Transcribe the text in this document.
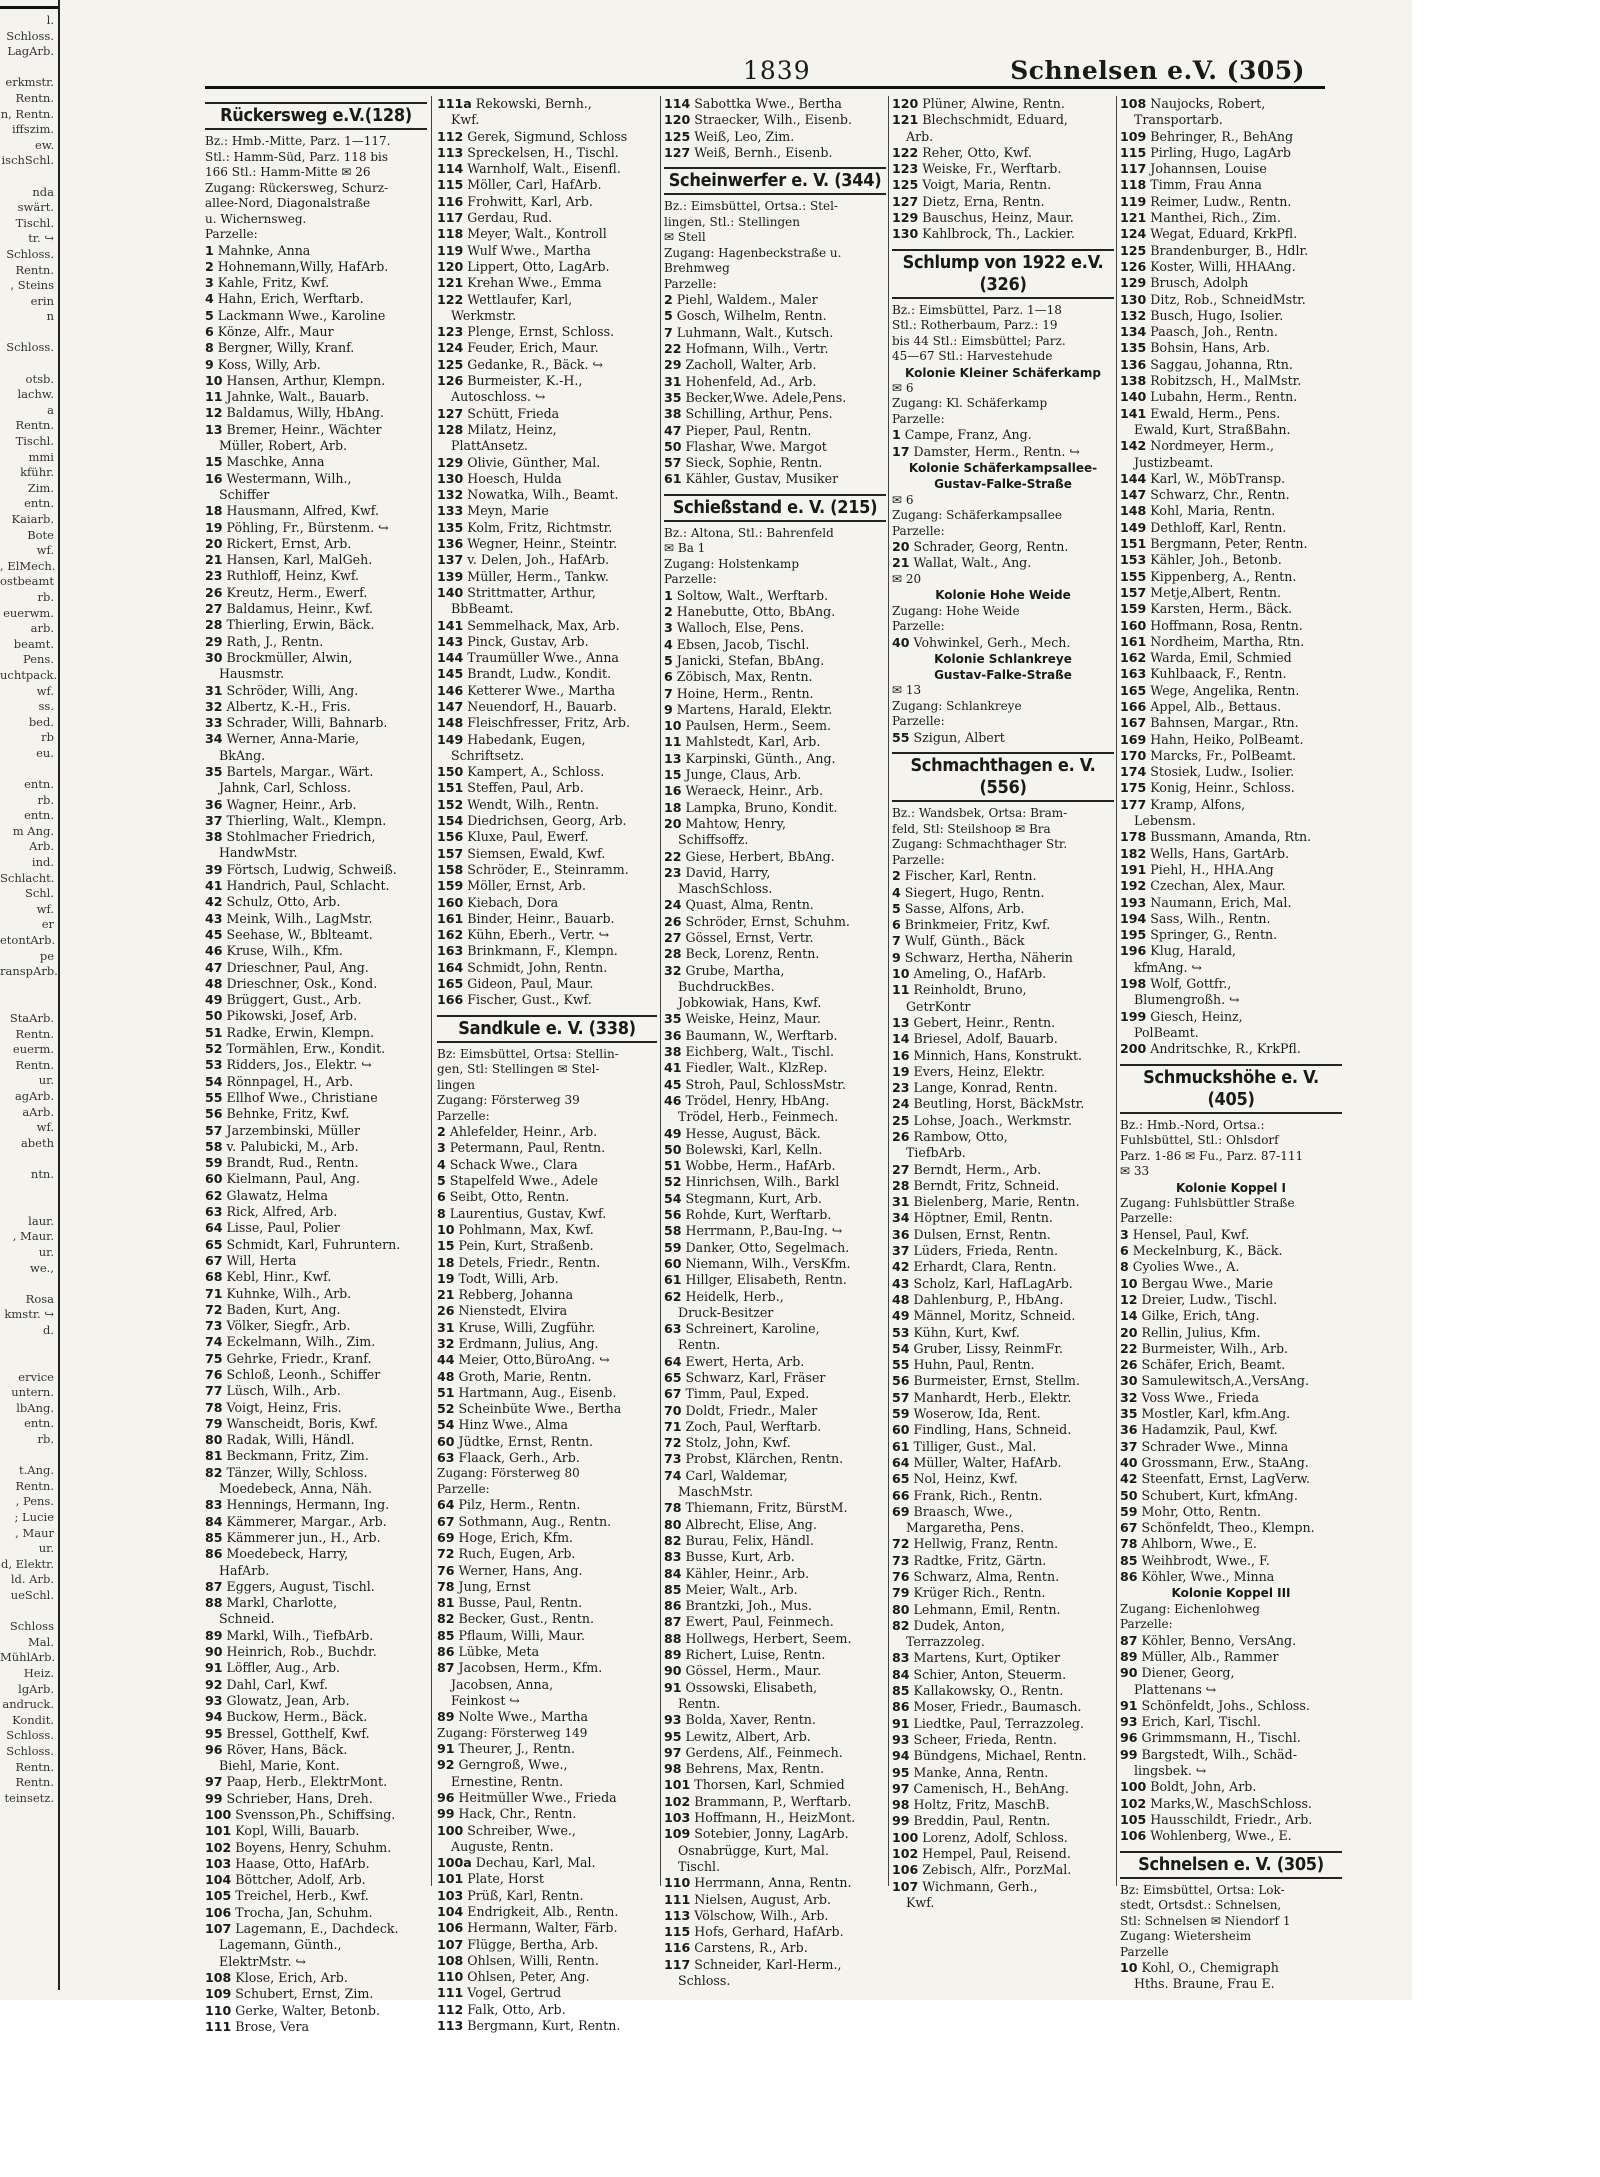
l.
Schloss.
LagArb.

erkmstr.
Rentn.
n, Rentn.
iffszim.
ew.
ischSchl.

nda
swärt.
Tischl.
tr. ↪
Schloss.
Rentn.
, Steins
erin
n

Schloss.

otsb.
lachw.
a
Rentn.
Tischl.
mmi
kführ.
Zim.
entn.
Kaiarb.
Bote
wf.
, ElMech.
ostbeamt
rb.
euerwm.
arb.
beamt.
Pens.
uchtpack.
wf.
ss.
bed.
rb
eu.

entn.
rb.
entn.
m Ang.
Arb.
ind.
Schlacht.
Schl.
wf.
er
etontArb.
pe
ranspArb.

StaArb.
Rentn.
euerm.
Rentn.
ur.
agArb.
aArb.
wf.
abeth

ntn.

laur.
, Maur.
ur.
we.,

Rosa
kmstr. ↪
d.

ervice
untern.
lbAng.
entn.
rb.

t.Ang.
Rentn.
, Pens.
; Lucie
, Maur
ur.
d, Elektr.
ld. Arb.
ueSchl.

Schloss
Mal.
MühlArb.
Heiz.
lgArb.
andruck.
Kondit.
Schloss.
Schloss.
Rentn.
Rentn.
teinsetz.
1839	Schnelsen e.V. (305)
Rückersweg e.V.(128)
Bz.: Hmb.-Mitte, Parz. 1—117.
Stl.: Hamm-Süd, Parz. 118 bis
166 Stl.: Hamm-Mitte ✉ 26
Zugang: Rückersweg, Schurz-
allee-Nord, Diagonalstraße
u. Wichernsweg.
Parzelle:
1 Mahnke, Anna
2 Hohnemann,Willy, HafArb.
3 Kahle, Fritz, Kwf.
4 Hahn, Erich, Werftarb.
5 Lackmann Wwe., Karoline
6 Könze, Alfr., Maur
8 Bergner, Willy, Kranf.
9 Koss, Willy, Arb.
10 Hansen, Arthur, Klempn.
11 Jahnke, Walt., Bauarb.
12 Baldamus, Willy, HbAng.
13 Bremer, Heinr., Wächter
Müller, Robert, Arb.
15 Maschke, Anna
16 Westermann, Wilh.,
Schiffer
18 Hausmann, Alfred, Kwf.
19 Pöhling, Fr., Bürstenm. ↪
20 Rickert, Ernst, Arb.
21 Hansen, Karl, MalGeh.
23 Ruthloff, Heinz, Kwf.
26 Kreutz, Herm., Ewerf.
27 Baldamus, Heinr., Kwf.
28 Thierling, Erwin, Bäck.
29 Rath, J., Rentn.
30 Brockmüller, Alwin,
Hausmstr.
31 Schröder, Willi, Ang.
32 Albertz, K.-H., Fris.
33 Schrader, Willi, Bahnarb.
34 Werner, Anna-Marie,
BkAng.
35 Bartels, Margar., Wärt.
Jahnk, Carl, Schloss.
36 Wagner, Heinr., Arb.
37 Thierling, Walt., Klempn.
38 Stohlmacher Friedrich,
HandwMstr.
39 Förtsch, Ludwig, Schweiß.
41 Handrich, Paul, Schlacht.
42 Schulz, Otto, Arb.
43 Meink, Wilh., LagMstr.
45 Seehase, W., Bblteamt.
46 Kruse, Wilh., Kfm.
47 Drieschner, Paul, Ang.
48 Drieschner, Osk., Kond.
49 Brüggert, Gust., Arb.
50 Pikowski, Josef, Arb.
51 Radke, Erwin, Klempn.
52 Tormählen, Erw., Kondit.
53 Ridders, Jos., Elektr. ↪
54 Rönnpagel, H., Arb.
55 Ellhof Wwe., Christiane
56 Behnke, Fritz, Kwf.
57 Jarzembinski, Müller
58 v. Palubicki, M., Arb.
59 Brandt, Rud., Rentn.
60 Kielmann, Paul, Ang.
62 Glawatz, Helma
63 Rick, Alfred, Arb.
64 Lisse, Paul, Polier
65 Schmidt, Karl, Fuhruntern.
67 Will, Herta
68 Kebl, Hinr., Kwf.
71 Kuhnke, Wilh., Arb.
72 Baden, Kurt, Ang.
73 Völker, Siegfr., Arb.
74 Eckelmann, Wilh., Zim.
75 Gehrke, Friedr., Kranf.
76 Schloß, Leonh., Schiffer
77 Lüsch, Wilh., Arb.
78 Voigt, Heinz, Fris.
79 Wanscheidt, Boris, Kwf.
80 Radak, Willi, Händl.
81 Beckmann, Fritz, Zim.
82 Tänzer, Willy, Schloss.
Moedebeck, Anna, Näh.
83 Hennings, Hermann, Ing.
84 Kämmerer, Margar., Arb.
85 Kämmerer jun., H., Arb.
86 Moedebeck, Harry,
HafArb.
87 Eggers, August, Tischl.
88 Markl, Charlotte,
Schneid.
89 Markl, Wilh., TiefbArb.
90 Heinrich, Rob., Buchdr.
91 Löffler, Aug., Arb.
92 Dahl, Carl, Kwf.
93 Glowatz, Jean, Arb.
94 Buckow, Herm., Bäck.
95 Bressel, Gotthelf, Kwf.
96 Röver, Hans, Bäck.
Biehl, Marie, Kont.
97 Paap, Herb., ElektrMont.
99 Schrieber, Hans, Dreh.
100 Svensson,Ph., Schiffsing.
101 Kopl, Willi, Bauarb.
102 Boyens, Henry, Schuhm.
103 Haase, Otto, HafArb.
104 Böttcher, Adolf, Arb.
105 Treichel, Herb., Kwf.
106 Trocha, Jan, Schuhm.
107 Lagemann, E., Dachdeck.
Lagemann, Günth.,
ElektrMstr. ↪
108 Klose, Erich, Arb.
109 Schubert, Ernst, Zim.
110 Gerke, Walter, Betonb.
111 Brose, Vera
111a Rekowski, Bernh.,
Kwf.
112 Gerek, Sigmund, Schloss
113 Spreckelsen, H., Tischl.
114 Warnholf, Walt., Eisenfl.
115 Möller, Carl, HafArb.
116 Frohwitt, Karl, Arb.
117 Gerdau, Rud.
118 Meyer, Walt., Kontroll
119 Wulf Wwe., Martha
120 Lippert, Otto, LagArb.
121 Krehan Wwe., Emma
122 Wettlaufer, Karl,
Werkmstr.
123 Plenge, Ernst, Schloss.
124 Feuder, Erich, Maur.
125 Gedanke, R., Bäck. ↪
126 Burmeister, K.-H.,
Autoschloss. ↪
127 Schütt, Frieda
128 Milatz, Heinz,
PlattAnsetz.
129 Olivie, Günther, Mal.
130 Hoesch, Hulda
132 Nowatka, Wilh., Beamt.
133 Meyn, Marie
135 Kolm, Fritz, Richtmstr.
136 Wegner, Heinr., Steintr.
137 v. Delen, Joh., HafArb.
139 Müller, Herm., Tankw.
140 Strittmatter, Arthur,
BbBeamt.
141 Semmelhack, Max, Arb.
143 Pinck, Gustav, Arb.
144 Traumüller Wwe., Anna
145 Brandt, Ludw., Kondit.
146 Ketterer Wwe., Martha
147 Neuendorf, H., Bauarb.
148 Fleischfresser, Fritz, Arb.
149 Habedank, Eugen,
Schriftsetz.
150 Kampert, A., Schloss.
151 Steffen, Paul, Arb.
152 Wendt, Wilh., Rentn.
154 Diedrichsen, Georg, Arb.
156 Kluxe, Paul, Ewerf.
157 Siemsen, Ewald, Kwf.
158 Schröder, E., Steinramm.
159 Möller, Ernst, Arb.
160 Kiebach, Dora
161 Binder, Heinr., Bauarb.
162 Kühn, Eberh., Vertr. ↪
163 Brinkmann, F., Klempn.
164 Schmidt, John, Rentn.
165 Gideon, Paul, Maur.
166 Fischer, Gust., Kwf.
Sandkule e. V. (338)
Bz: Eimsbüttel, Ortsa: Stellin-
gen, Stl: Stellingen ✉ Stel-
lingen
Zugang: Försterweg 39
Parzelle:
2 Ahlefelder, Heinr., Arb.
3 Petermann, Paul, Rentn.
4 Schack Wwe., Clara
5 Stapelfeld Wwe., Adele
6 Seibt, Otto, Rentn.
8 Laurentius, Gustav, Kwf.
10 Pohlmann, Max, Kwf.
15 Pein, Kurt, Straßenb.
18 Detels, Friedr., Rentn.
19 Todt, Willi, Arb.
21 Rebberg, Johanna
26 Nienstedt, Elvira
31 Kruse, Willi, Zugführ.
32 Erdmann, Julius, Ang.
44 Meier, Otto,BüroAng. ↪
48 Groth, Marie, Rentn.
51 Hartmann, Aug., Eisenb.
52 Scheinbüte Wwe., Bertha
54 Hinz Wwe., Alma
60 Jüdtke, Ernst, Rentn.
63 Flaack, Gerh., Arb.
Zugang: Försterweg 80
Parzelle:
64 Pilz, Herm., Rentn.
67 Sothmann, Aug., Rentn.
69 Hoge, Erich, Kfm.
72 Ruch, Eugen, Arb.
76 Werner, Hans, Ang.
78 Jung, Ernst
81 Busse, Paul, Rentn.
82 Becker, Gust., Rentn.
85 Pflaum, Willi, Maur.
86 Lübke, Meta
87 Jacobsen, Herm., Kfm.
Jacobsen, Anna,
Feinkost ↪
89 Nolte Wwe., Martha
Zugang: Försterweg 149
91 Theurer, J., Rentn.
92 Gerngroß, Wwe.,
Ernestine, Rentn.
96 Heitmüller Wwe., Frieda
99 Hack, Chr., Rentn.
100 Schreiber, Wwe.,
Auguste, Rentn.
100a Dechau, Karl, Mal.
101 Plate, Horst
103 Prüß, Karl, Rentn.
104 Endrigkeit, Alb., Rentn.
106 Hermann, Walter, Färb.
107 Flügge, Bertha, Arb.
108 Ohlsen, Willi, Rentn.
110 Ohlsen, Peter, Ang.
111 Vogel, Gertrud
112 Falk, Otto, Arb.
113 Bergmann, Kurt, Rentn.
114 Sabottka Wwe., Bertha
120 Straecker, Wilh., Eisenb.
125 Weiß, Leo, Zim.
127 Weiß, Bernh., Eisenb.
Scheinwerfer e. V. (344)
Bz.: Eimsbüttel, Ortsa.: Stel-
lingen, Stl.: Stellingen
✉ Stell
Zugang: Hagenbeckstraße u.
Brehmweg
Parzelle:
2 Piehl, Waldem., Maler
5 Gosch, Wilhelm, Rentn.
7 Luhmann, Walt., Kutsch.
22 Hofmann, Wilh., Vertr.
29 Zacholl, Walter, Arb.
31 Hohenfeld, Ad., Arb.
35 Becker,Wwe. Adele,Pens.
38 Schilling, Arthur, Pens.
47 Pieper, Paul, Rentn.
50 Flashar, Wwe. Margot
57 Sieck, Sophie, Rentn.
61 Kähler, Gustav, Musiker
Schießstand e. V. (215)
Bz.: Altona, Stl.: Bahrenfeld
✉ Ba 1
Zugang: Holstenkamp
Parzelle:
1 Soltow, Walt., Werftarb.
2 Hanebutte, Otto, BbAng.
3 Walloch, Else, Pens.
4 Ebsen, Jacob, Tischl.
5 Janicki, Stefan, BbAng.
6 Zöbisch, Max, Rentn.
7 Hoine, Herm., Rentn.
9 Martens, Harald, Elektr.
10 Paulsen, Herm., Seem.
11 Mahlstedt, Karl, Arb.
13 Karpinski, Günth., Ang.
15 Junge, Claus, Arb.
16 Weraeck, Heinr., Arb.
18 Lampka, Bruno, Kondit.
20 Mahtow, Henry,
Schiffsoffz.
22 Giese, Herbert, BbAng.
23 David, Harry,
MaschSchloss.
24 Quast, Alma, Rentn.
26 Schröder, Ernst, Schuhm.
27 Gössel, Ernst, Vertr.
28 Beck, Lorenz, Rentn.
32 Grube, Martha,
BuchdruckBes.
Jobkowiak, Hans, Kwf.
35 Weiske, Heinz, Maur.
36 Baumann, W., Werftarb.
38 Eichberg, Walt., Tischl.
41 Fiedler, Walt., KlzRep.
45 Stroh, Paul, SchlossMstr.
46 Trödel, Henry, HbAng.
Trödel, Herb., Feinmech.
49 Hesse, August, Bäck.
50 Bolewski, Karl, Kelln.
51 Wobbe, Herm., HafArb.
52 Hinrichsen, Wilh., Barkl
54 Stegmann, Kurt, Arb.
56 Rohde, Kurt, Werftarb.
58 Herrmann, P.,Bau-Ing. ↪
59 Danker, Otto, Segelmach.
60 Niemann, Wilh., VersKfm.
61 Hillger, Elisabeth, Rentn.
62 Heidelk, Herb.,
Druck-Besitzer
63 Schreinert, Karoline,
Rentn.
64 Ewert, Herta, Arb.
65 Schwarz, Karl, Fräser
67 Timm, Paul, Exped.
70 Doldt, Friedr., Maler
71 Zoch, Paul, Werftarb.
72 Stolz, John, Kwf.
73 Probst, Klärchen, Rentn.
74 Carl, Waldemar,
MaschMstr.
78 Thiemann, Fritz, BürstM.
80 Albrecht, Elise, Ang.
82 Burau, Felix, Händl.
83 Busse, Kurt, Arb.
84 Kähler, Heinr., Arb.
85 Meier, Walt., Arb.
86 Brantzki, Joh., Mus.
87 Ewert, Paul, Feinmech.
88 Hollwegs, Herbert, Seem.
89 Richert, Luise, Rentn.
90 Gössel, Herm., Maur.
91 Ossowski, Elisabeth,
Rentn.
93 Bolda, Xaver, Rentn.
95 Lewitz, Albert, Arb.
97 Gerdens, Alf., Feinmech.
98 Behrens, Max, Rentn.
101 Thorsen, Karl, Schmied
102 Brammann, P., Werftarb.
103 Hoffmann, H., HeizMont.
109 Sotebier, Jonny, LagArb.
Osnabrügge, Kurt, Mal.
Tischl.
110 Herrmann, Anna, Rentn.
111 Nielsen, August, Arb.
113 Völschow, Wilh., Arb.
115 Hofs, Gerhard, HafArb.
116 Carstens, R., Arb.
117 Schneider, Karl-Herm.,
Schloss.
120 Plüner, Alwine, Rentn.
121 Blechschmidt, Eduard,
Arb.
122 Reher, Otto, Kwf.
123 Weiske, Fr., Werftarb.
125 Voigt, Maria, Rentn.
127 Dietz, Erna, Rentn.
129 Bauschus, Heinz, Maur.
130 Kahlbrock, Th., Lackier.
Schlump von 1922 e.V. (326)
Bz.: Eimsbüttel, Parz. 1—18
Stl.: Rotherbaum, Parz.: 19
bis 44 Stl.: Eimsbüttel; Parz.
45—67 Stl.: Harvestehude
Kolonie Kleiner Schäferkamp
✉ 6
Zugang: Kl. Schäferkamp
Parzelle:
1 Campe, Franz, Ang.
17 Damster, Herm., Rentn. ↪
Kolonie Schäferkampsallee-
Gustav-Falke-Straße
✉ 6
Zugang: Schäferkampsallee
Parzelle:
20 Schrader, Georg, Rentn.
21 Wallat, Walt., Ang.
✉ 20
Kolonie Hohe Weide
Zugang: Hohe Weide
Parzelle:
40 Vohwinkel, Gerh., Mech.
Kolonie Schlankreye
Gustav-Falke-Straße
✉ 13
Zugang: Schlankreye
Parzelle:
55 Szigun, Albert
Schmachthagen e. V. (556)
Bz.: Wandsbek, Ortsa: Bram-
feld, Stl: Steilshoop ✉ Bra
Zugang: Schmachthager Str.
Parzelle:
2 Fischer, Karl, Rentn.
4 Siegert, Hugo, Rentn.
5 Sasse, Alfons, Arb.
6 Brinkmeier, Fritz, Kwf.
7 Wulf, Günth., Bäck
9 Schwarz, Hertha, Näherin
10 Ameling, O., HafArb.
11 Reinholdt, Bruno,
GetrKontr
13 Gebert, Heinr., Rentn.
14 Briesel, Adolf, Bauarb.
16 Minnich, Hans, Konstrukt.
19 Evers, Heinz, Elektr.
23 Lange, Konrad, Rentn.
24 Beutling, Horst, BäckMstr.
25 Lohse, Joach., Werkmstr.
26 Rambow, Otto,
TiefbArb.
27 Berndt, Herm., Arb.
28 Berndt, Fritz, Schneid.
31 Bielenberg, Marie, Rentn.
34 Höptner, Emil, Rentn.
36 Dulsen, Ernst, Rentn.
37 Lüders, Frieda, Rentn.
42 Erhardt, Clara, Rentn.
43 Scholz, Karl, HafLagArb.
48 Dahlenburg, P., HbAng.
49 Männel, Moritz, Schneid.
53 Kühn, Kurt, Kwf.
54 Gruber, Lissy, ReinmFr.
55 Huhn, Paul, Rentn.
56 Burmeister, Ernst, Stellm.
57 Manhardt, Herb., Elektr.
59 Woserow, Ida, Rent.
60 Findling, Hans, Schneid.
61 Tilliger, Gust., Mal.
64 Müller, Walter, HafArb.
65 Nol, Heinz, Kwf.
66 Frank, Rich., Rentn.
69 Braasch, Wwe.,
Margaretha, Pens.
72 Hellwig, Franz, Rentn.
73 Radtke, Fritz, Gärtn.
76 Schwarz, Alma, Rentn.
79 Krüger Rich., Rentn.
80 Lehmann, Emil, Rentn.
82 Dudek, Anton,
Terrazzoleg.
83 Martens, Kurt, Optiker
84 Schier, Anton, Steuerm.
85 Kallakowsky, O., Rentn.
86 Moser, Friedr., Baumasch.
91 Liedtke, Paul, Terrazzoleg.
93 Scheer, Frieda, Rentn.
94 Bündgens, Michael, Rentn.
95 Manke, Anna, Rentn.
97 Camenisch, H., BehAng.
98 Holtz, Fritz, MaschB.
99 Breddin, Paul, Rentn.
100 Lorenz, Adolf, Schloss.
102 Hempel, Paul, Reisend.
106 Zebisch, Alfr., PorzMal.
107 Wichmann, Gerh.,
Kwf.
108 Naujocks, Robert,
Transportarb.
109 Behringer, R., BehAng
115 Pirling, Hugo, LagArb
117 Johannsen, Louise
118 Timm, Frau Anna
119 Reimer, Ludw., Rentn.
121 Manthei, Rich., Zim.
124 Wegat, Eduard, KrkPfl.
125 Brandenburger, B., Hdlr.
126 Koster, Willi, HHAAng.
129 Brusch, Adolph
130 Ditz, Rob., SchneidMstr.
132 Busch, Hugo, Isolier.
134 Paasch, Joh., Rentn.
135 Bohsin, Hans, Arb.
136 Saggau, Johanna, Rtn.
138 Robitzsch, H., MalMstr.
140 Lubahn, Herm., Rentn.
141 Ewald, Herm., Pens.
Ewald, Kurt, StraßBahn.
142 Nordmeyer, Herm.,
Justizbeamt.
144 Karl, W., MöbTransp.
147 Schwarz, Chr., Rentn.
148 Kohl, Maria, Rentn.
149 Dethloff, Karl, Rentn.
151 Bergmann, Peter, Rentn.
153 Kähler, Joh., Betonb.
155 Kippenberg, A., Rentn.
157 Metje,Albert, Rentn.
159 Karsten, Herm., Bäck.
160 Hoffmann, Rosa, Rentn.
161 Nordheim, Martha, Rtn.
162 Warda, Emil, Schmied
163 Kuhlbaack, F., Rentn.
165 Wege, Angelika, Rentn.
166 Appel, Alb., Bettaus.
167 Bahnsen, Margar., Rtn.
169 Hahn, Heiko, PolBeamt.
170 Marcks, Fr., PolBeamt.
174 Stosiek, Ludw., Isolier.
175 Konig, Heinr., Schloss.
177 Kramp, Alfons,
Lebensm.
178 Bussmann, Amanda, Rtn.
182 Wells, Hans, GartArb.
191 Piehl, H., HHA.Ang
192 Czechan, Alex, Maur.
193 Naumann, Erich, Mal.
194 Sass, Wilh., Rentn.
195 Springer, G., Rentn.
196 Klug, Harald,
kfmAng. ↪
198 Wolf, Gottfr.,
Blumengroßh. ↪
199 Giesch, Heinz,
PolBeamt.
200 Andritschke, R., KrkPfl.
Schmuckshöhe e. V. (405)
Bz.: Hmb.-Nord, Ortsa.:
Fuhlsbüttel, Stl.: Ohlsdorf
Parz. 1-86 ✉ Fu., Parz. 87-111
✉ 33
Kolonie Koppel I
Zugang: Fuhlsbüttler Straße
Parzelle:
3 Hensel, Paul, Kwf.
6 Meckelnburg, K., Bäck.
8 Cyolies Wwe., A.
10 Bergau Wwe., Marie
12 Dreier, Ludw., Tischl.
14 Gilke, Erich, tAng.
20 Rellin, Julius, Kfm.
22 Burmeister, Wilh., Arb.
26 Schäfer, Erich, Beamt.
30 Samulewitsch,A.,VersAng.
32 Voss Wwe., Frieda
35 Mostler, Karl, kfm.Ang.
36 Hadamzik, Paul, Kwf.
37 Schrader Wwe., Minna
40 Grossmann, Erw., StaAng.
42 Steenfatt, Ernst, LagVerw.
50 Schubert, Kurt, kfmAng.
59 Mohr, Otto, Rentn.
67 Schönfeldt, Theo., Klempn.
78 Ahlborn, Wwe., E.
85 Weihbrodt, Wwe., F.
86 Köhler, Wwe., Minna
Kolonie Koppel III
Zugang: Eichenlohweg
Parzelle:
87 Köhler, Benno, VersAng.
89 Müller, Alb., Rammer
90 Diener, Georg,
Plattenans ↪
91 Schönfeldt, Johs., Schloss.
93 Erich, Karl, Tischl.
96 Grimmsmann, H., Tischl.
99 Bargstedt, Wilh., Schäd-
lingsbek. ↪
100 Boldt, John, Arb.
102 Marks,W., MaschSchloss.
105 Hausschildt, Friedr., Arb.
106 Wohlenberg, Wwe., E.
Schnelsen e. V. (305)
Bz: Eimsbüttel, Ortsa: Lok-
stedt, Ortsdst.: Schnelsen,
Stl: Schnelsen ✉ Niendorf 1
Zugang: Wietersheim
Parzelle
10 Kohl, O., Chemigraph
Hths. Braune, Frau E.
